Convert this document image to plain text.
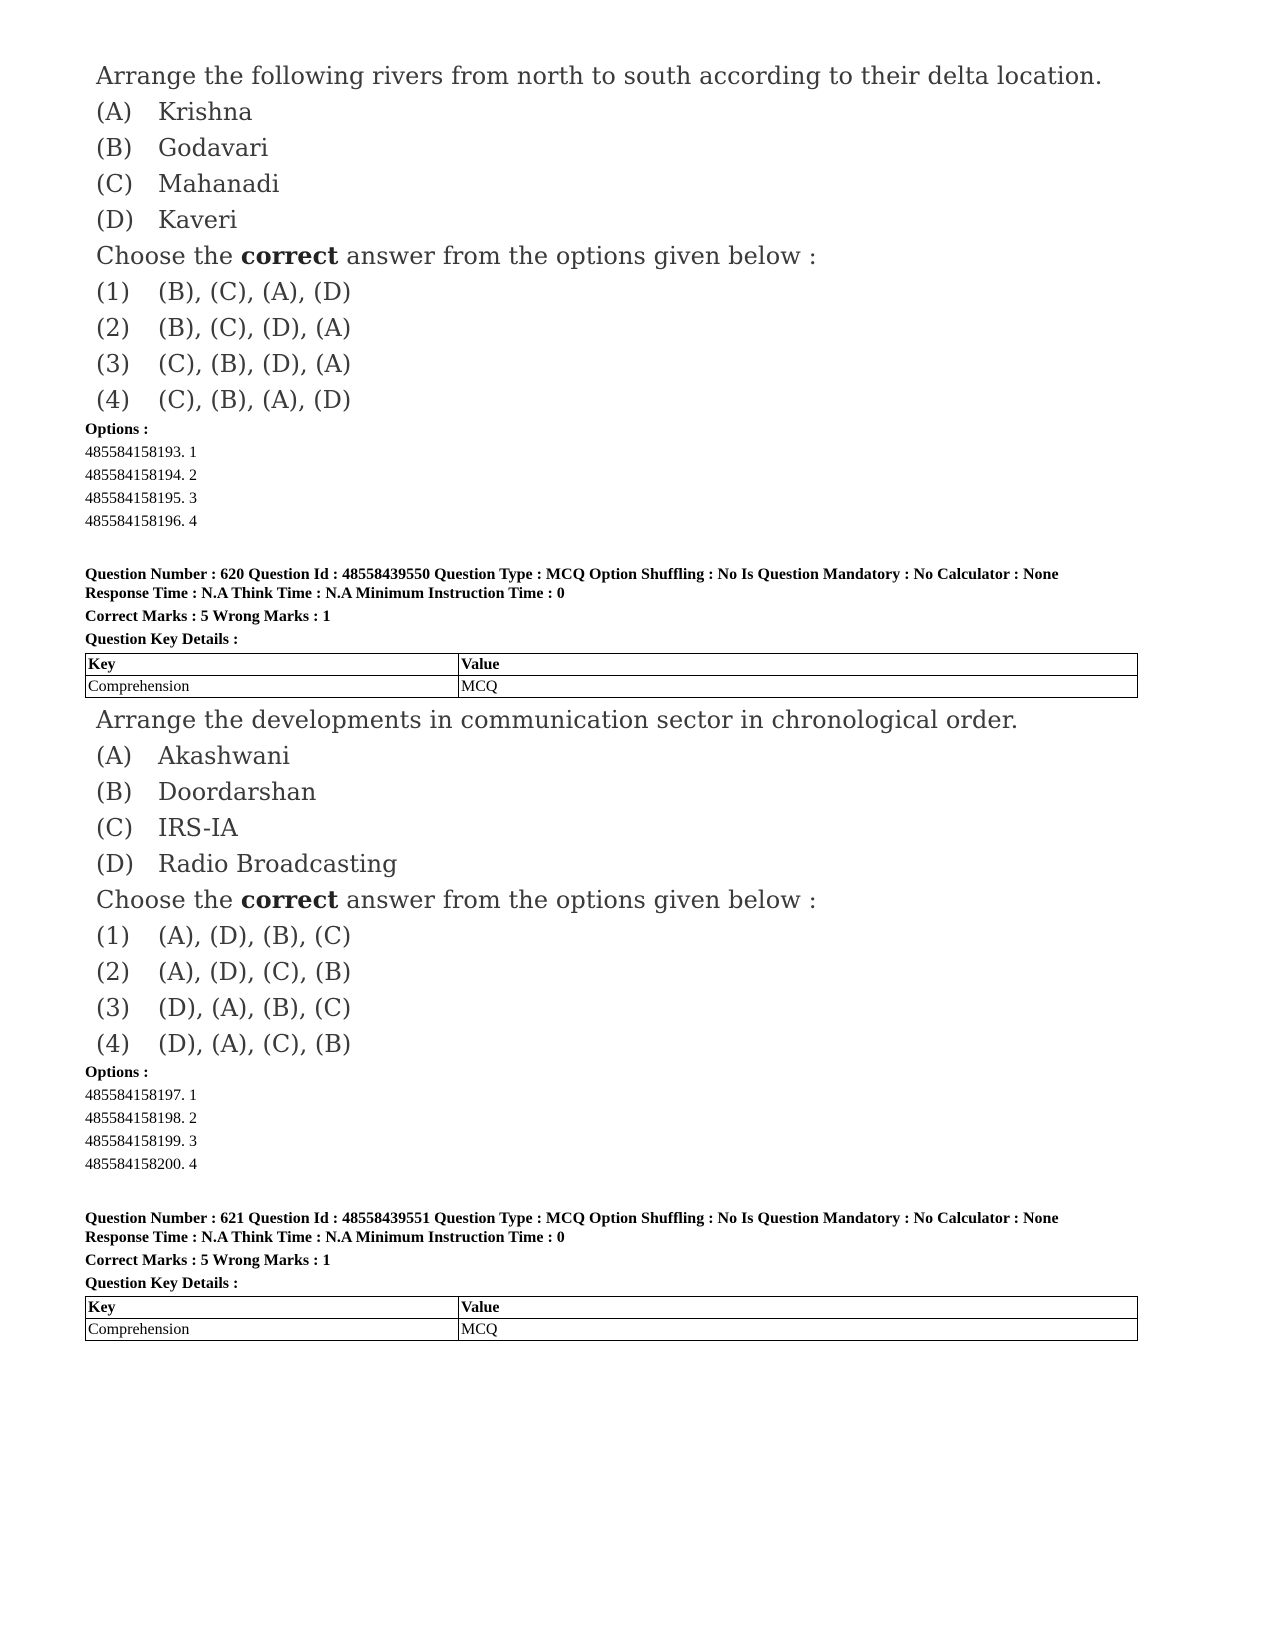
Arrange the following rivers from north to south according to their delta location.
(A)	Krishna
(B)	Godavari
(C)	Mahanadi
(D)	Kaveri
Choose the correct answer from the options given below :
(1)	(B), (C), (A), (D)
(2)	(B), (C), (D), (A)
(3)	(C), (B), (D), (A)
(4)	(C), (B), (A), (D)
Options :
485584158193. 1
485584158194. 2
485584158195. 3
485584158196. 4
Question Number : 620 Question Id : 48558439550 Question Type : MCQ Option Shuffling : No Is Question Mandatory : No Calculator : None
Response Time : N.A Think Time : N.A Minimum Instruction Time : 0
Correct Marks : 5 Wrong Marks : 1
Question Key Details :
Key	Value
Comprehension	MCQ
Arrange the developments in communication sector in chronological order.
(A)	Akashwani
(B)	Doordarshan
(C)	IRS-IA
(D)	Radio Broadcasting
Choose the correct answer from the options given below :
(1)	(A), (D), (B), (C)
(2)	(A), (D), (C), (B)
(3)	(D), (A), (B), (C)
(4)	(D), (A), (C), (B)
Options :
485584158197. 1
485584158198. 2
485584158199. 3
485584158200. 4
Question Number : 621 Question Id : 48558439551 Question Type : MCQ Option Shuffling : No Is Question Mandatory : No Calculator : None
Response Time : N.A Think Time : N.A Minimum Instruction Time : 0
Correct Marks : 5 Wrong Marks : 1
Question Key Details :
Key	Value
Comprehension	MCQ
